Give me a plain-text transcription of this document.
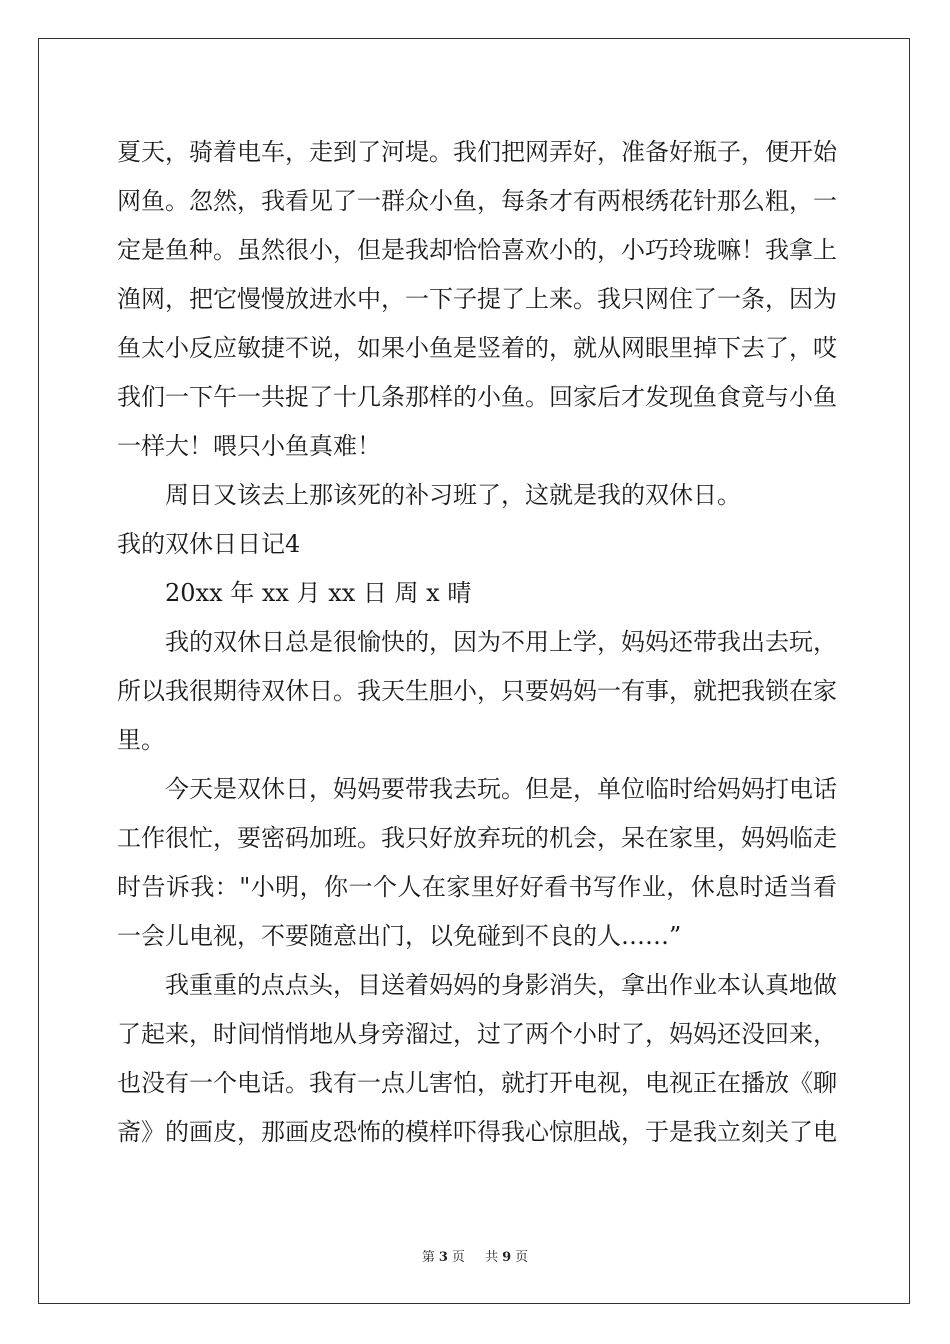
夏天，骑着电车，走到了河堤。我们把网弄好，准备好瓶子，便开始
网鱼。忽然，我看见了一群众小鱼，每条才有两根绣花针那么粗，一
定是鱼种。虽然很小，但是我却恰恰喜欢小的，小巧玲珑嘛！我拿上
渔网，把它慢慢放进水中，一下子提了上来。我只网住了一条，因为
鱼太小反应敏捷不说，如果小鱼是竖着的，就从网眼里掉下去了，哎
我们一下午一共捉了十几条那样的小鱼。回家后才发现鱼食竟与小鱼
一样大！喂只小鱼真难！
周日又该去上那该死的补习班了，这就是我的双休日。
我的双休日日记4
20xx 年 xx 月 xx 日 周 x 晴
我的双休日总是很愉快的，因为不用上学，妈妈还带我出去玩，
所以我很期待双休日。我天生胆小，只要妈妈一有事，就把我锁在家
里。
今天是双休日，妈妈要带我去玩。但是，单位临时给妈妈打电话
工作很忙，要密码加班。我只好放弃玩的机会，呆在家里，妈妈临走
时告诉我："小明，你一个人在家里好好看书写作业，休息时适当看
一会儿电视，不要随意出门，以免碰到不良的人……”
我重重的点点头，目送着妈妈的身影消失，拿出作业本认真地做
了起来，时间悄悄地从身旁溜过，过了两个小时了，妈妈还没回来，
也没有一个电话。我有一点儿害怕，就打开电视，电视正在播放《聊
斋》的画皮，那画皮恐怖的模样吓得我心惊胆战，于是我立刻关了电
第 3 页 共 9 页
